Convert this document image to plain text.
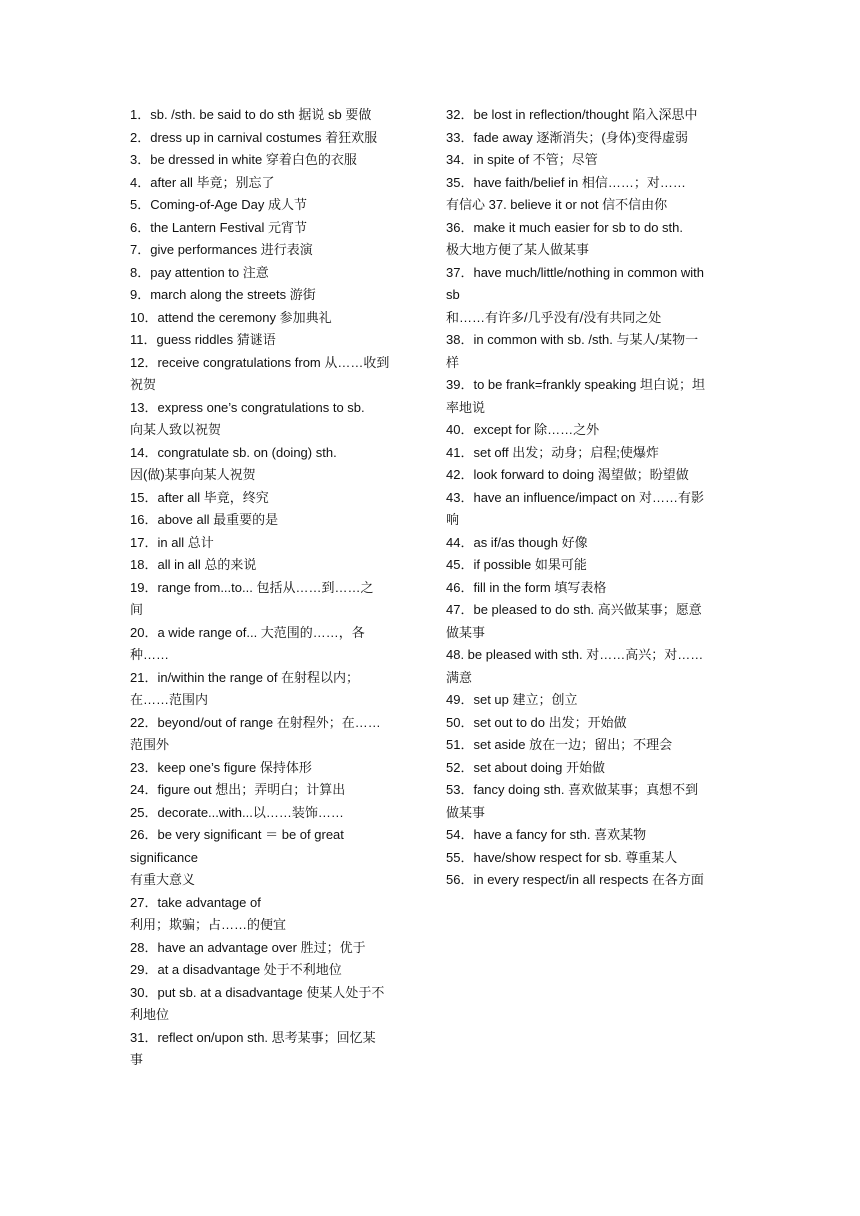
1．sb. /sth. be said to do sth 据说 sb 要做

2．dress up in carnival costumes 着狂欢服

3．be dressed in white 穿着白色的衣服

4．after all 毕竟；别忘了

5．Coming-of-Age Day 成人节

6．the Lantern Festival 元宵节

7．give performances 进行表演

8．pay attention to 注意

9．march along the streets 游街

10．attend the ceremony 参加典礼

11．guess riddles 猜谜语

12．receive congratulations from 从……收到
祝贺

13．express one’s congratulations to sb.
向某人致以祝贺

14．congratulate sb. on (doing) sth.
因(做)某事向某人祝贺

15．after all 毕竟，终究

16．above all 最重要的是

17．in all 总计

18．all in all 总的来说

19．range from...to... 包括从……到……之
间

20．a wide range of... 大范围的……，各
种……

21．in/within the range of 在射程以内；
在……范围内

22．beyond/out of range 在射程外；在……
范围外

23．keep one’s figure 保持体形

24．figure out 想出；弄明白；计算出

25．decorate...with...以……装饰……

26．be very significant ＝ be of great
significance
有重大意义

27．take advantage of
利用；欺骗；占……的便宜

28．have an advantage over 胜过；优于

29．at a disadvantage 处于不利地位

30．put sb. at a disadvantage 使某人处于不
利地位

31．reflect on/upon sth. 思考某事；回忆某
事

32．be lost in reflection/thought 陷入深思中

33．fade away 逐渐消失；(身体)变得虚弱

34．in spite of 不管；尽管

35．have faith/belief in 相信……；对……
有信心 37. believe it or not 信不信由你

36．make it much easier for sb to do sth.
极大地方便了某人做某事

37．have much/little/nothing in common with
sb
和……有许多/几乎没有/没有共同之处

38．in common with sb. /sth. 与某人/某物一
样

39．to be frank=frankly speaking 坦白说；坦
率地说

40．except for 除……之外

41．set off 出发；动身；启程;使爆炸

42．look forward to doing 渴望做；盼望做

43．have an influence/impact on 对……有影
响

44．as if/as though 好像

45．if possible 如果可能

46．fill in the form 填写表格

47．be pleased to do sth. 高兴做某事；愿意
做某事

48. be pleased with sth. 对……高兴；对……
满意

49．set up 建立；创立

50．set out to do 出发；开始做

51．set aside 放在一边；留出；不理会

52．set about doing 开始做

53．fancy doing sth. 喜欢做某事；真想不到
做某事

54．have a fancy for sth. 喜欢某物

55．have/show respect for sb. 尊重某人

56．in every respect/in all respects 在各方面
